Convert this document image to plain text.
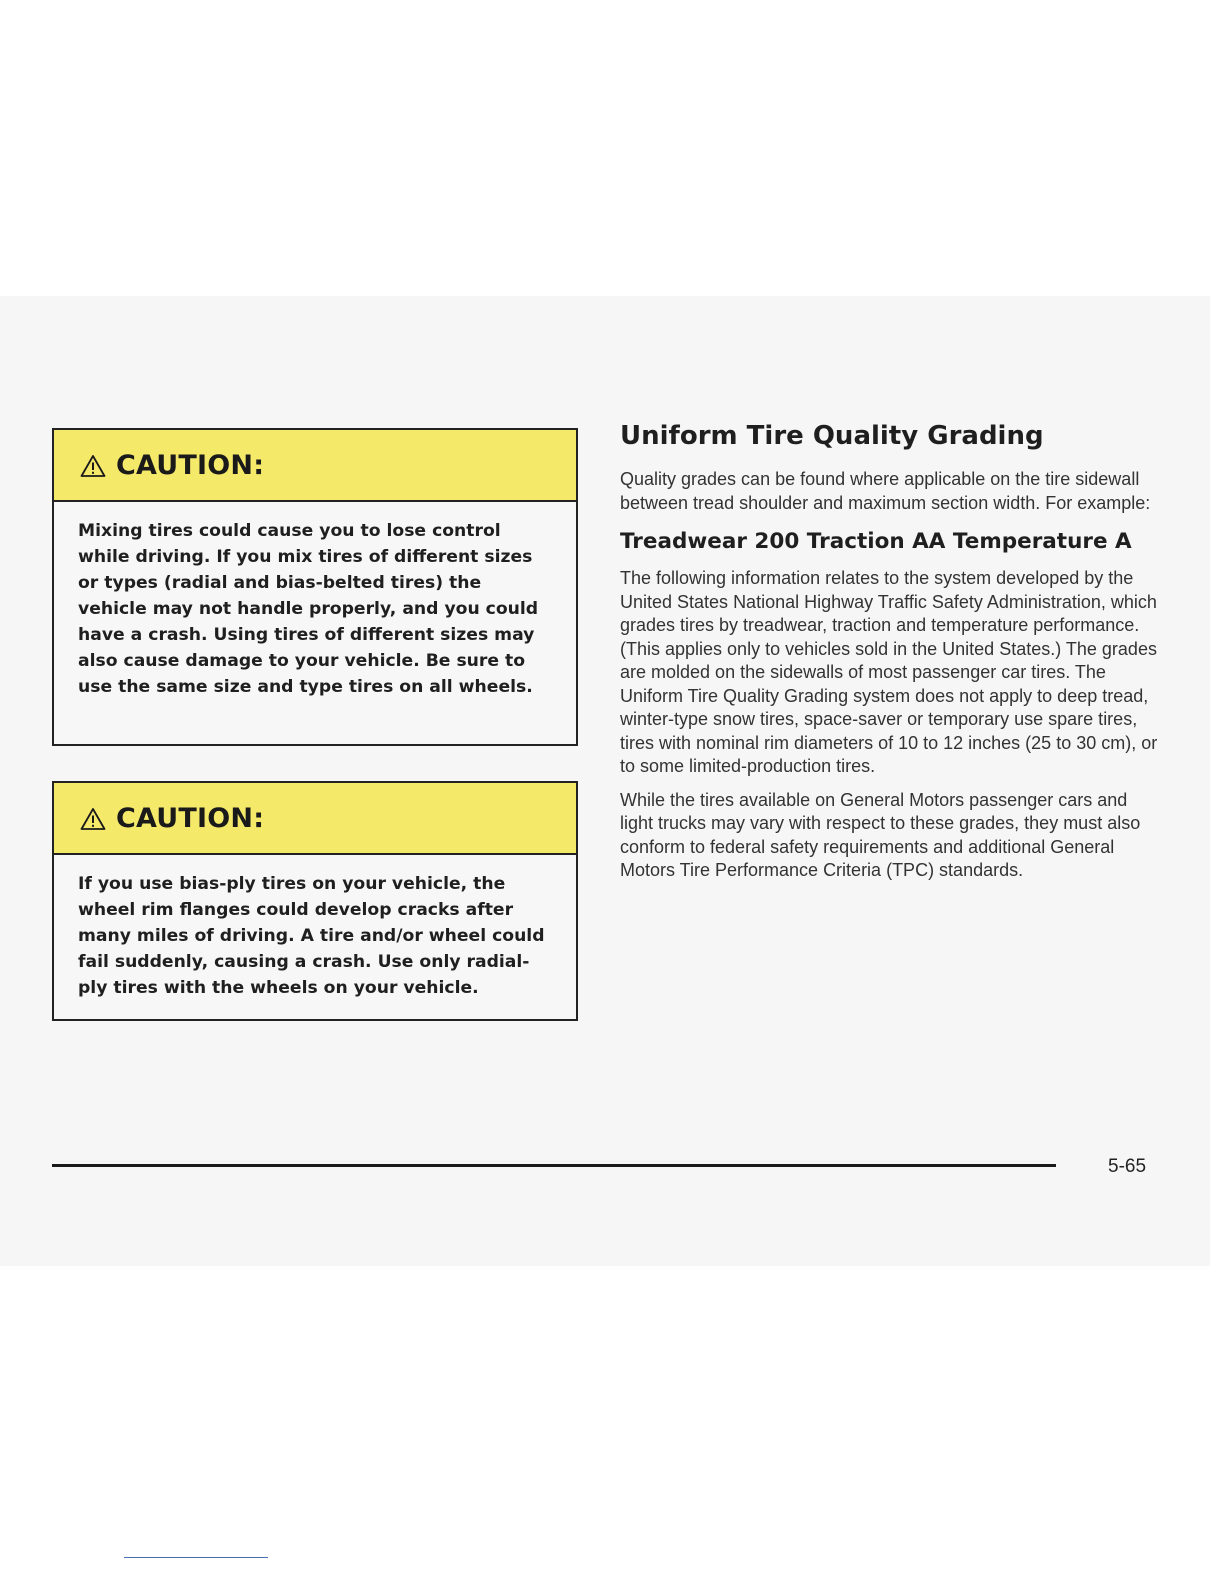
CAUTION:
Mixing tires could cause you to lose control while driving. If you mix tires of different sizes or types (radial and bias-belted tires) the vehicle may not handle properly, and you could have a crash. Using tires of different sizes may also cause damage to your vehicle. Be sure to use the same size and type tires on all wheels.
CAUTION:
If you use bias-ply tires on your vehicle, the wheel rim flanges could develop cracks after many miles of driving. A tire and/or wheel could fail suddenly, causing a crash. Use only radial-ply tires with the wheels on your vehicle.
Uniform Tire Quality Grading

Quality grades can be found where applicable on the tire sidewall between tread shoulder and maximum section width. For example:

Treadwear 200 Traction AA Temperature A

The following information relates to the system developed by the United States National Highway Traffic Safety Administration, which grades tires by treadwear, traction and temperature performance. (This applies only to vehicles sold in the United States.) The grades are molded on the sidewalls of most passenger car tires. The Uniform Tire Quality Grading system does not apply to deep tread, winter-type snow tires, space-saver or temporary use spare tires, tires with nominal rim diameters of 10 to 12 inches (25 to 30 cm), or to some limited-production tires.

While the tires available on General Motors passenger cars and light trucks may vary with respect to these grades, they must also conform to federal safety requirements and additional General Motors Tire Performance Criteria (TPC) standards.

5-65
